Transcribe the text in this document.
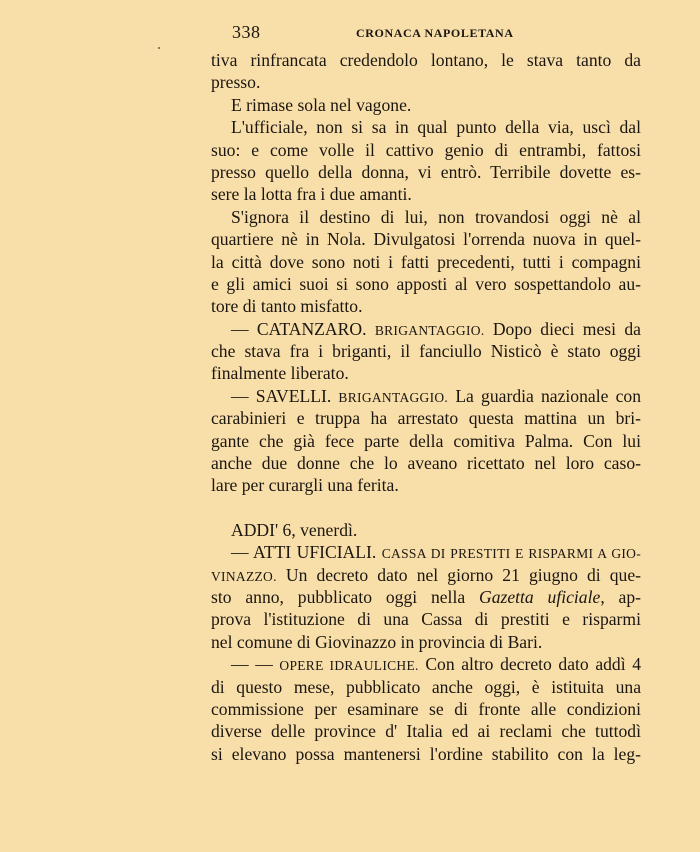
338	CRONACA NAPOLETANA
tiva rinfrancata credendolo lontano, le stava tanto da
presso.
E rimase sola nel vagone.
L'ufficiale, non si sa in qual punto della via, uscì dal
suo: e come volle il cattivo genio di entrambi, fattosi
presso quello della donna, vi entrò. Terribile dovette es-
sere la lotta fra i due amanti.
S'ignora il destino di lui, non trovandosi oggi nè al
quartiere nè in Nola. Divulgatosi l'orrenda nuova in quel-
la città dove sono noti i fatti precedenti, tutti i compagni
e gli amici suoi si sono apposti al vero sospettandolo au-
tore di tanto misfatto.
— CATANZARO. BRIGANTAGGIO. Dopo dieci mesi da
che stava fra i briganti, il fanciullo Nisticò è stato oggi
finalmente liberato.
— SAVELLI. BRIGANTAGGIO. La guardia nazionale con
carabinieri e truppa ha arrestato questa mattina un bri-
gante che già fece parte della comitiva Palma. Con lui
anche due donne che lo aveano ricettato nel loro caso-
lare per curargli una ferita.
ADDI' 6, venerdì.
— ATTI UFICIALI. CASSA DI PRESTITI E RISPARMI A GIO-
VINAZZO. Un decreto dato nel giorno 21 giugno di que-
sto anno, pubblicato oggi nella Gazetta uficiale, ap-
prova l'istituzione di una Cassa di prestiti e risparmi
nel comune di Giovinazzo in provincia di Bari.
— — OPERE IDRAULICHE. Con altro decreto dato addì 4
di questo mese, pubblicato anche oggi, è istituita una
commissione per esaminare se di fronte alle condizioni
diverse delle province d' Italia ed ai reclami che tuttodì
si elevano possa mantenersi l'ordine stabilito con la leg-
